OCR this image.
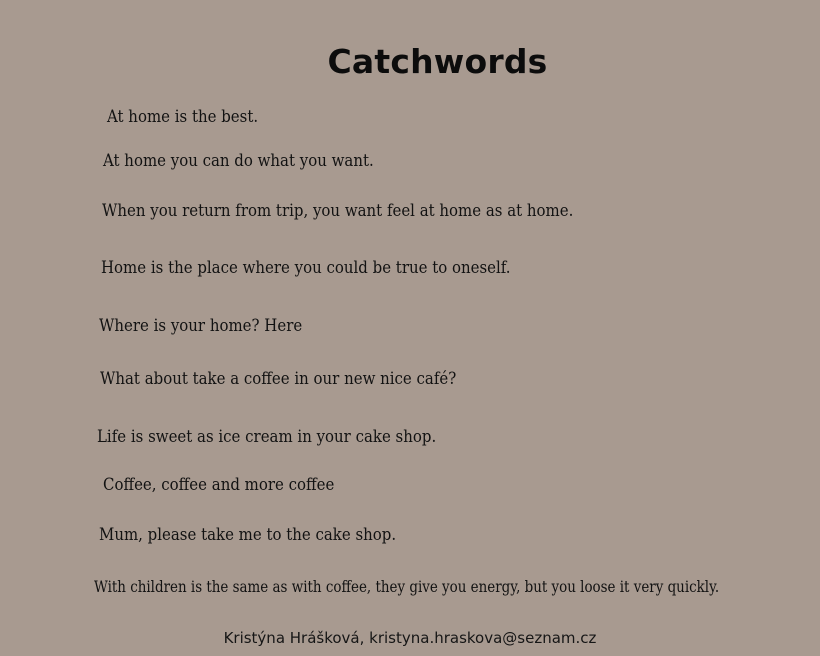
Catchwords
At home is the best.
At home you can do what you want.
When you return from trip, you want feel at home as at home.
Home is the place where you could be true to oneself.
Where is your home? Here
What about take a coffee in our new nice café?
Life is sweet as ice cream in your cake shop.
Coffee, coffee and more coffee
Mum, please take me to the cake shop.
With children is the same as with coffee, they give you energy, but you loose it very quickly.
Kristýna Hrášková, kristyna.hraskova@seznam.cz
